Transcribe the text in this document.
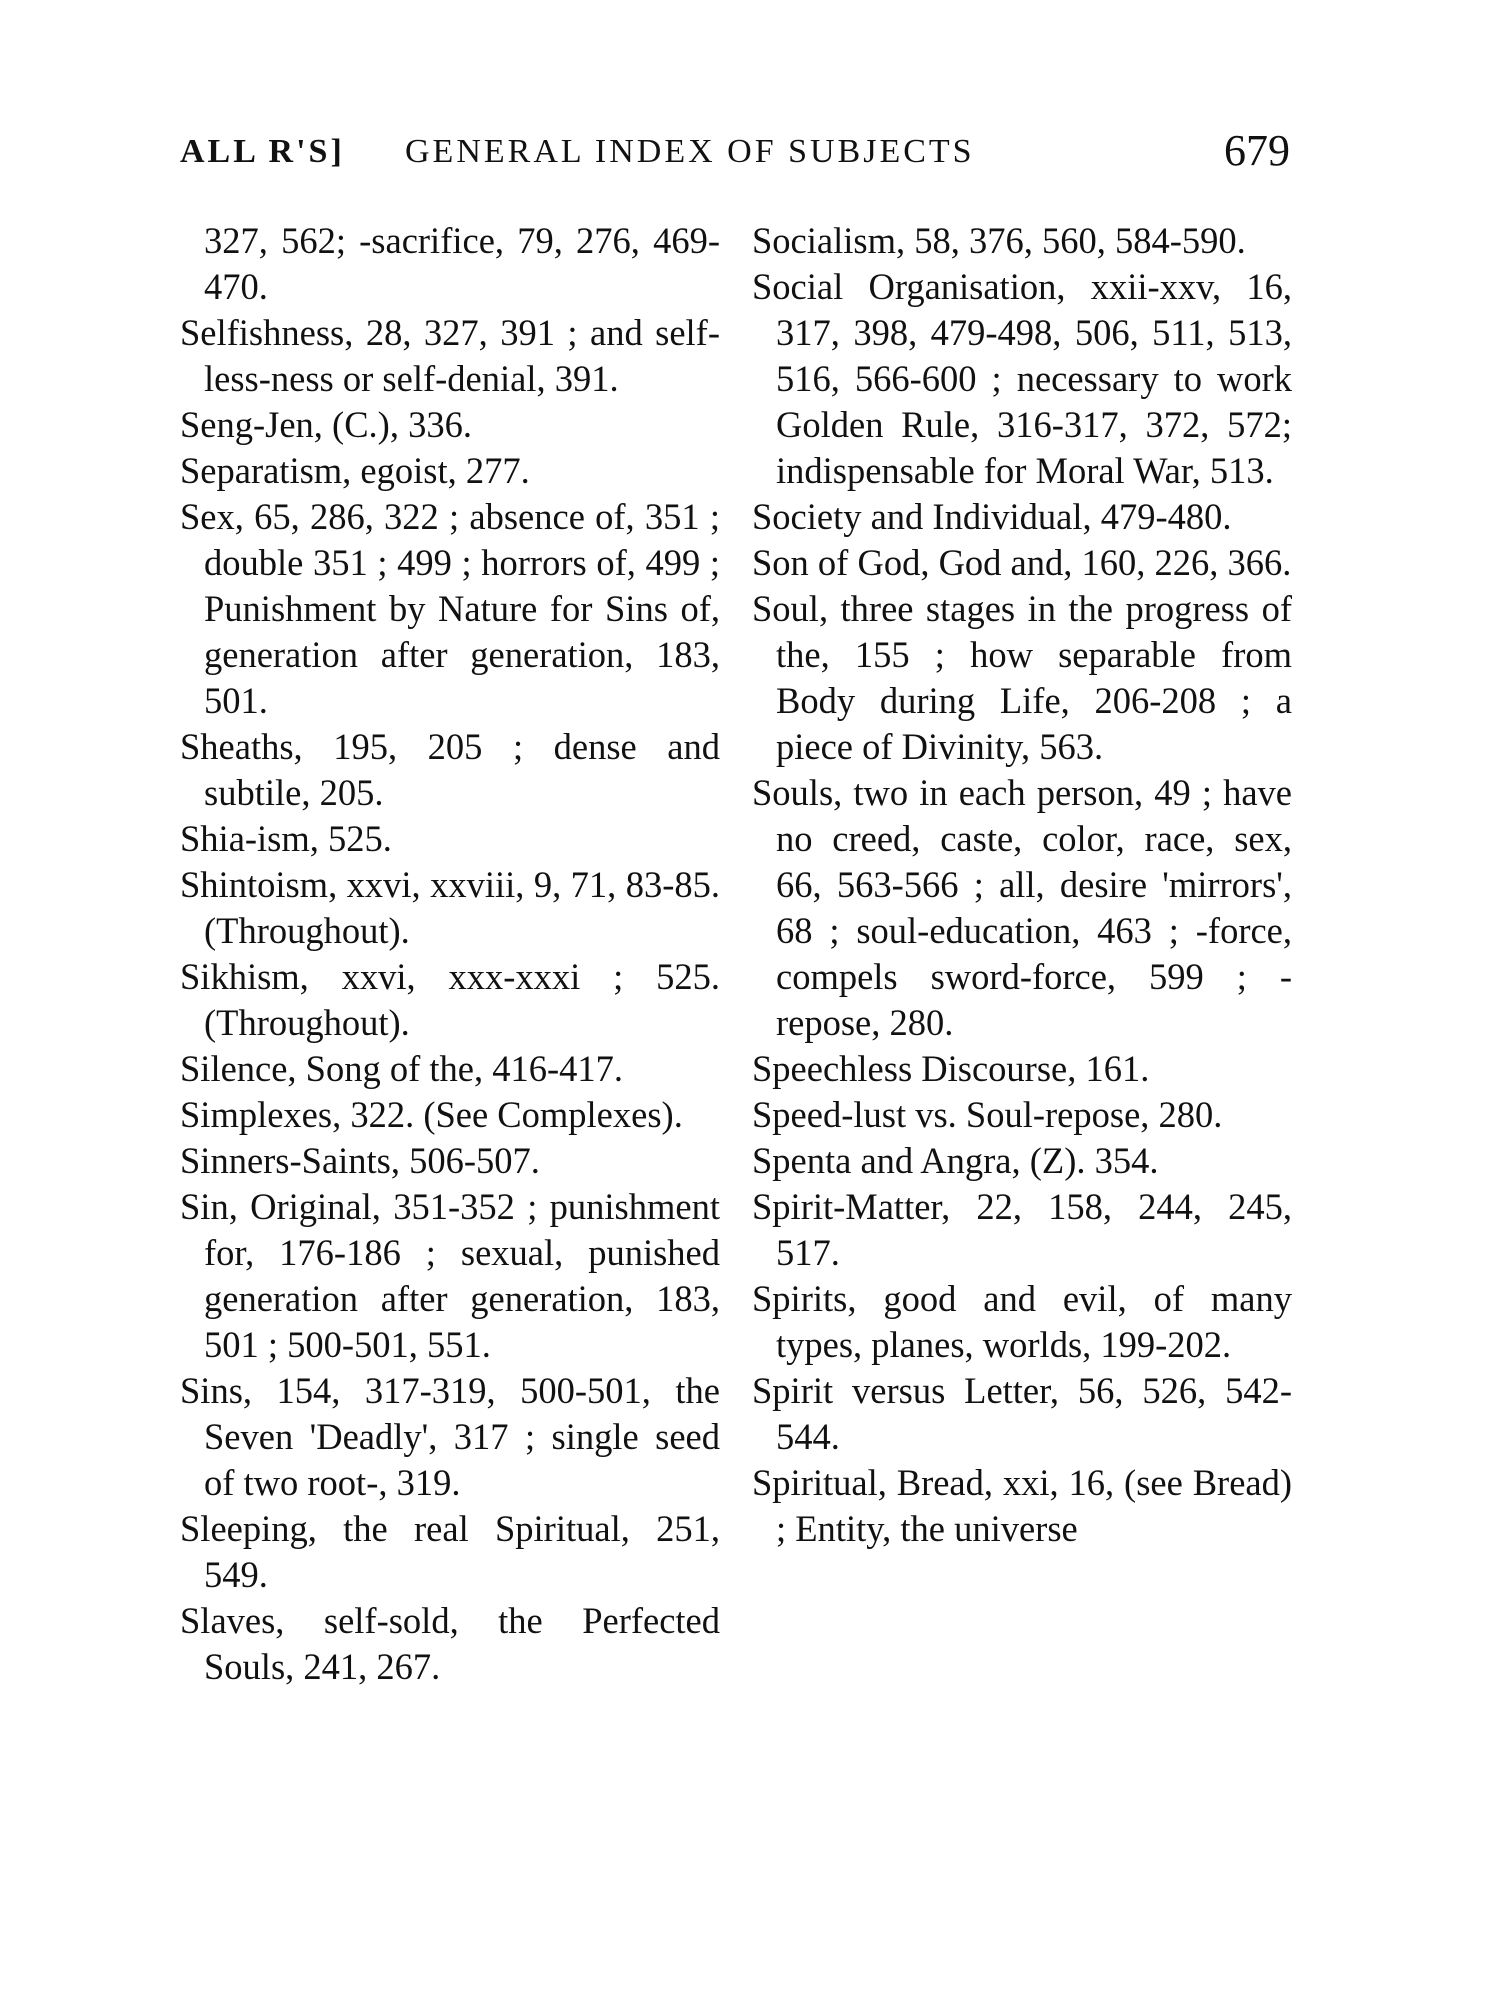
ALL R'S] GENERAL INDEX OF SUBJECTS	679

327, 562; -sacrifice, 79, 276, 469-470.

Selfishness, 28, 327, 391 ; and self-less-ness or self-denial, 391.

Seng-Jen, (C.), 336.

Separatism, egoist, 277.

Sex, 65, 286, 322 ; absence of, 351 ; double 351 ; 499 ; horrors of, 499 ; Punishment by Nature for Sins of, generation after generation, 183, 501.

Sheaths, 195, 205 ; dense and subtile, 205.

Shia-ism, 525.

Shintoism, xxvi, xxviii, 9, 71, 83-85. (Throughout).

Sikhism, xxvi, xxx-xxxi ; 525. (Throughout).

Silence, Song of the, 416-417.

Simplexes, 322. (See Complexes).

Sinners-Saints, 506-507.

Sin, Original, 351-352 ; punishment for, 176-186 ; sexual, punished generation after generation, 183, 501 ; 500-501, 551.

Sins, 154, 317-319, 500-501, the Seven 'Deadly', 317 ; single seed of two root-, 319.

Sleeping, the real Spiritual, 251, 549.

Slaves, self-sold, the Perfected Souls, 241, 267.

Socialism, 58, 376, 560, 584-590.

Social Organisation, xxii-xxv, 16, 317, 398, 479-498, 506, 511, 513, 516, 566-600 ; necessary to work Golden Rule, 316-317, 372, 572; indispensable for Moral War, 513.

Society and Individual, 479-480.

Son of God, God and, 160, 226, 366.

Soul, three stages in the progress of the, 155 ; how separable from Body during Life, 206-208 ; a piece of Divinity, 563.

Souls, two in each person, 49 ; have no creed, caste, color, race, sex, 66, 563-566 ; all, desire 'mirrors', 68 ; soul-education, 463 ; -force, compels sword-force, 599 ; -repose, 280.

Speechless Discourse, 161.

Speed-lust vs. Soul-repose, 280.

Spenta and Angra, (Z). 354.

Spirit-Matter, 22, 158, 244, 245, 517.

Spirits, good and evil, of many types, planes, worlds, 199-202.

Spirit versus Letter, 56, 526, 542-544.

Spiritual, Bread, xxi, 16, (see Bread) ; Entity, the universe
